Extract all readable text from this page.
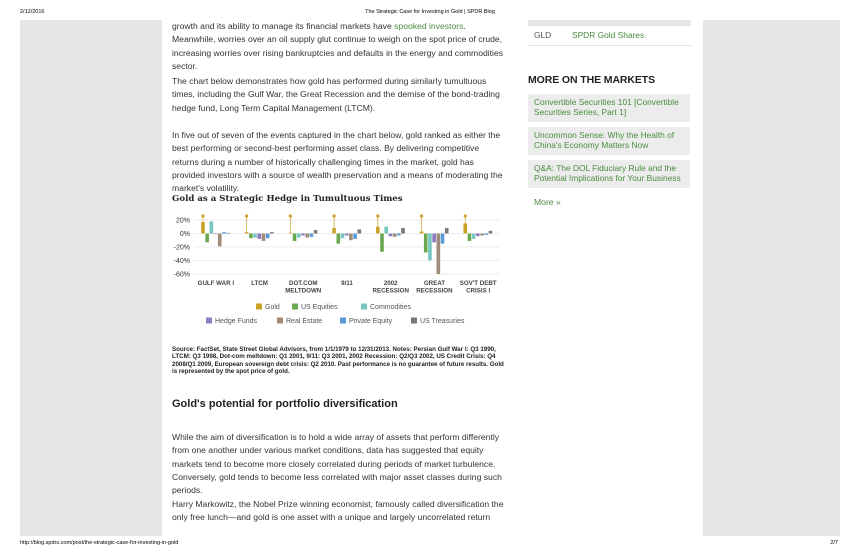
2/12/2016	The Strategic Case for Investing in Gold | SPDR Blog

growth and its ability to manage its financial markets have spooked investors. Meanwhile, worries over an oil supply glut continue to weigh on the spot price of crude, increasing worries over rising bankruptcies and defaults in the energy and commodities sector.

The chart below demonstrates how gold has performed during similarly tumultuous times, including the Gulf War, the Great Recession and the demise of the bond-trading hedge fund, Long Term Capital Management (LTCM).

In five out of seven of the events captured in the chart below, gold ranked as either the best performing or second-best performing asset class. By delivering competitive returns during a number of historically challenging times in the market, gold has provided investors with a source of wealth preservation and a means of moderating the market's volatility.

While the aim of diversification is to hold a wide array of assets that perform differently from one another under various market conditions, data has suggested that equity markets tend to become more closely correlated during periods of market turbulence. Conversely, gold tends to become less correlated with major asset classes during such periods.

Harry Markowitz, the Nobel Prize winning economist, famously called diversification the only free lunch—and gold is one asset with a unique and largely uncorrelated return

Gold as a Strategic Hedge in Tumultuous Times
20%
0%
-20%
-40%
-60%
GULF WAR I	LTCM	DOT.COM
MELTDOWN
9/11	2002
RECESSION
GREAT
RECESSION
SOV'T DEBT
CRISIS I
Gold	US Equities	Commodities
Hedge Funds	Real Estate	Private Equity	US Treasuries
Source: FactSet, State Street Global Advisors, from 1/1/1979 to 12/31/2013. Notes: Persian Gulf War I: Q3 1990, LTCM: Q3 1998, Dot-com meltdown: Q1 2001, 9/11: Q3 2001, 2002 Recession: Q2/Q3 2002, US Credit Crisis: Q4 2008/Q1 2009, European sovereign debt crisis: Q2 2010. Past performance is no guarantee of future results. Gold is represented by the spot price of gold.
Gold's potential for portfolio diversification
GLD SPDR Gold Shares
MORE ON THE MARKETS
Convertible Securities 101 [Convertible Securities Series, Part 1]
Uncommon Sense: Why the Health of China's Economy Matters Now
Q&A: The DOL Fiduciary Rule and the Potential Implications for Your Business
More »
http://blog.spdrs.com/post/the-strategic-case-for-investing-in-gold	2/7
